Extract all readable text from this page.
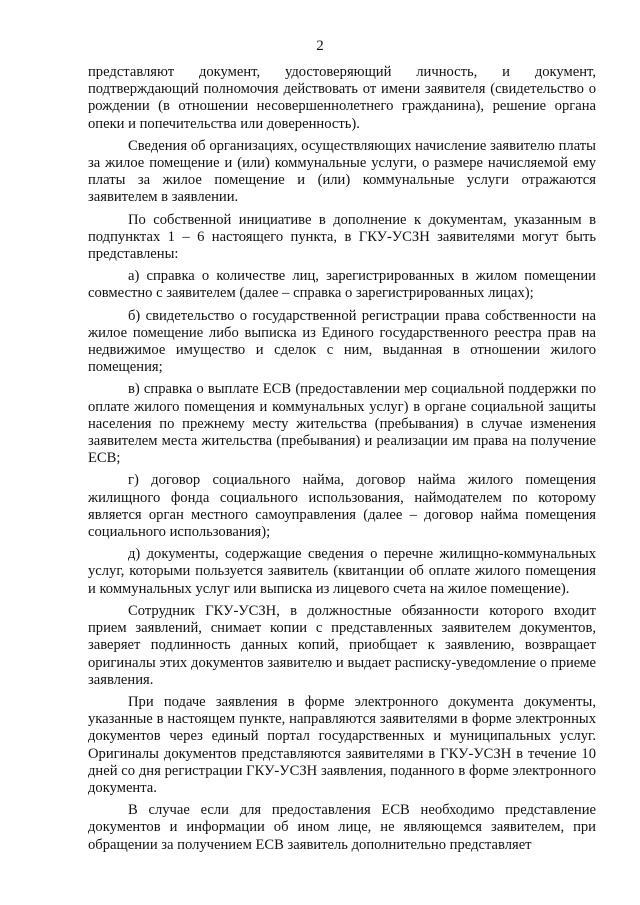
2

представляют документ, удостоверяющий личность, и документ, подтверждающий полномочия действовать от имени заявителя (свидетельство о рождении (в отношении несовершеннолетнего гражданина), решение органа опеки и попечительства или доверенность).

Сведения об организациях, осуществляющих начисление заявителю платы за жилое помещение и (или) коммунальные услуги, о размере начисляемой ему платы за жилое помещение и (или) коммунальные услуги отражаются заявителем в заявлении.

По собственной инициативе в дополнение к документам, указанным в подпунктах 1 – 6 настоящего пункта, в ГКУ-УСЗН заявителями могут быть представлены:

а) справка о количестве лиц, зарегистрированных в жилом помещении совместно с заявителем (далее – справка о зарегистрированных лицах);

б) свидетельство о государственной регистрации права собственности на жилое помещение либо выписка из Единого государственного реестра прав на недвижимое имущество и сделок с ним, выданная в отношении жилого помещения;

в) справка о выплате ЕСВ (предоставлении мер социальной поддержки по оплате жилого помещения и коммунальных услуг) в органе социальной защиты населения по прежнему месту жительства (пребывания) в случае изменения заявителем места жительства (пребывания) и реализации им права на получение ЕСВ;

г) договор социального найма, договор найма жилого помещения жилищного фонда социального использования, наймодателем по которому является орган местного самоуправления (далее – договор найма помещения социального использования);

д) документы, содержащие сведения о перечне жилищно-коммунальных услуг, которыми пользуется заявитель (квитанции об оплате жилого помещения и коммунальных услуг или выписка из лицевого счета на жилое помещение).

Сотрудник ГКУ-УСЗН, в должностные обязанности которого входит прием заявлений, снимает копии с представленных заявителем документов, заверяет подлинность данных копий, приобщает к заявлению, возвращает оригиналы этих документов заявителю и выдает расписку-уведомление о приеме заявления.

При подаче заявления в форме электронного документа документы, указанные в настоящем пункте, направляются заявителями в форме электронных документов через единый портал государственных и муниципальных услуг. Оригиналы документов представляются заявителями в ГКУ-УСЗН в течение 10 дней со дня регистрации ГКУ-УСЗН заявления, поданного в форме электронного документа.

В случае если для предоставления ЕСВ необходимо представление документов и информации об ином лице, не являющемся заявителем, при обращении за получением ЕСВ заявитель дополнительно представляет
